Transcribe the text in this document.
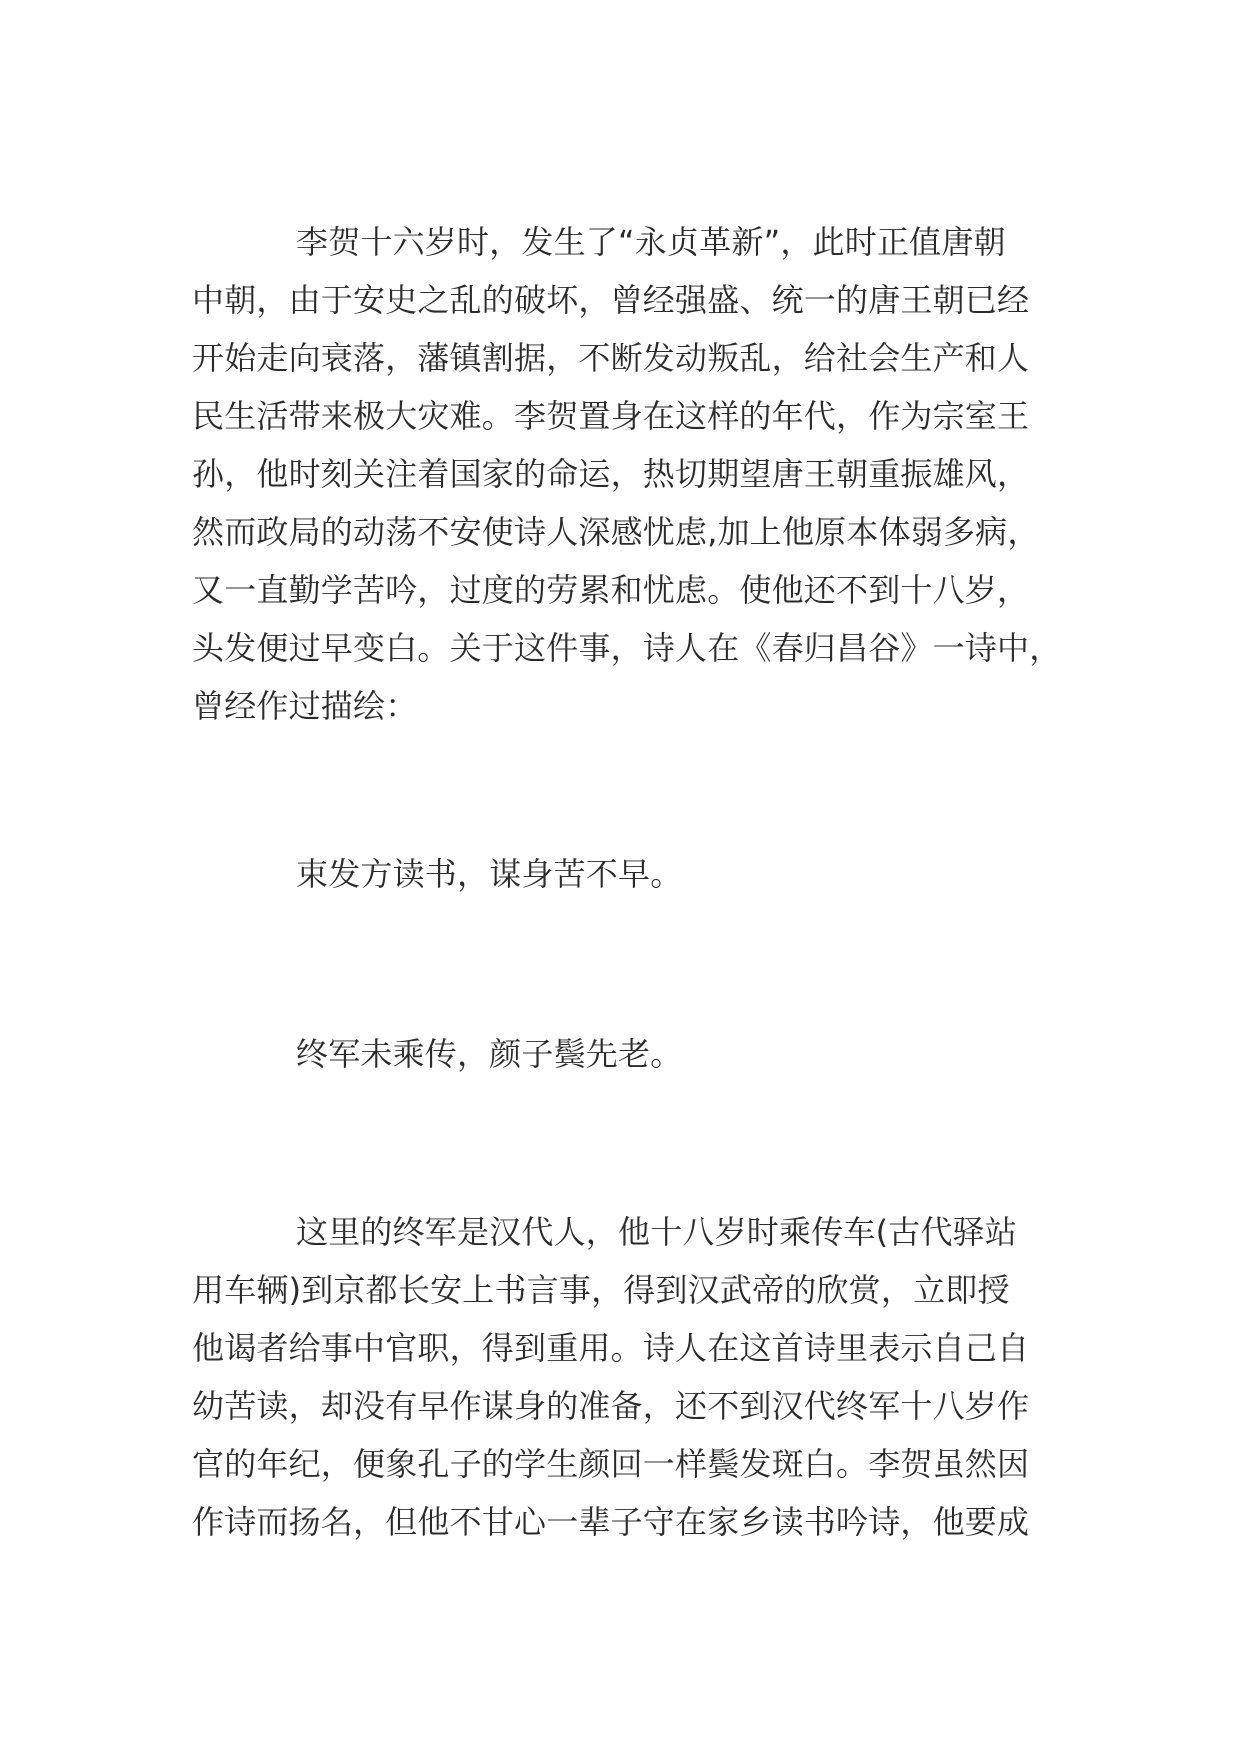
李贺十六岁时，发生了“永贞革新”，此时正值唐朝
中朝，由于安史之乱的破坏，曾经强盛、统一的唐王朝已经
开始走向衰落，藩镇割据，不断发动叛乱，给社会生产和人
民生活带来极大灾难。李贺置身在这样的年代，作为宗室王
孙，他时刻关注着国家的命运，热切期望唐王朝重振雄风，
然而政局的动荡不安使诗人深感忧虑,加上他原本体弱多病，
又一直勤学苦吟，过度的劳累和忧虑。使他还不到十八岁，
头发便过早变白。关于这件事，诗人在《春归昌谷》一诗中，
曾经作过描绘：
束发方读书，谋身苦不早。
终军未乘传，颜子鬓先老。
这里的终军是汉代人，他十八岁时乘传车(古代驿站
用车辆)到京都长安上书言事，得到汉武帝的欣赏，立即授
他谒者给事中官职，得到重用。诗人在这首诗里表示自己自
幼苦读，却没有早作谋身的准备，还不到汉代终军十八岁作
官的年纪，便象孔子的学生颜回一样鬓发斑白。李贺虽然因
作诗而扬名，但他不甘心一辈子守在家乡读书吟诗，他要成
